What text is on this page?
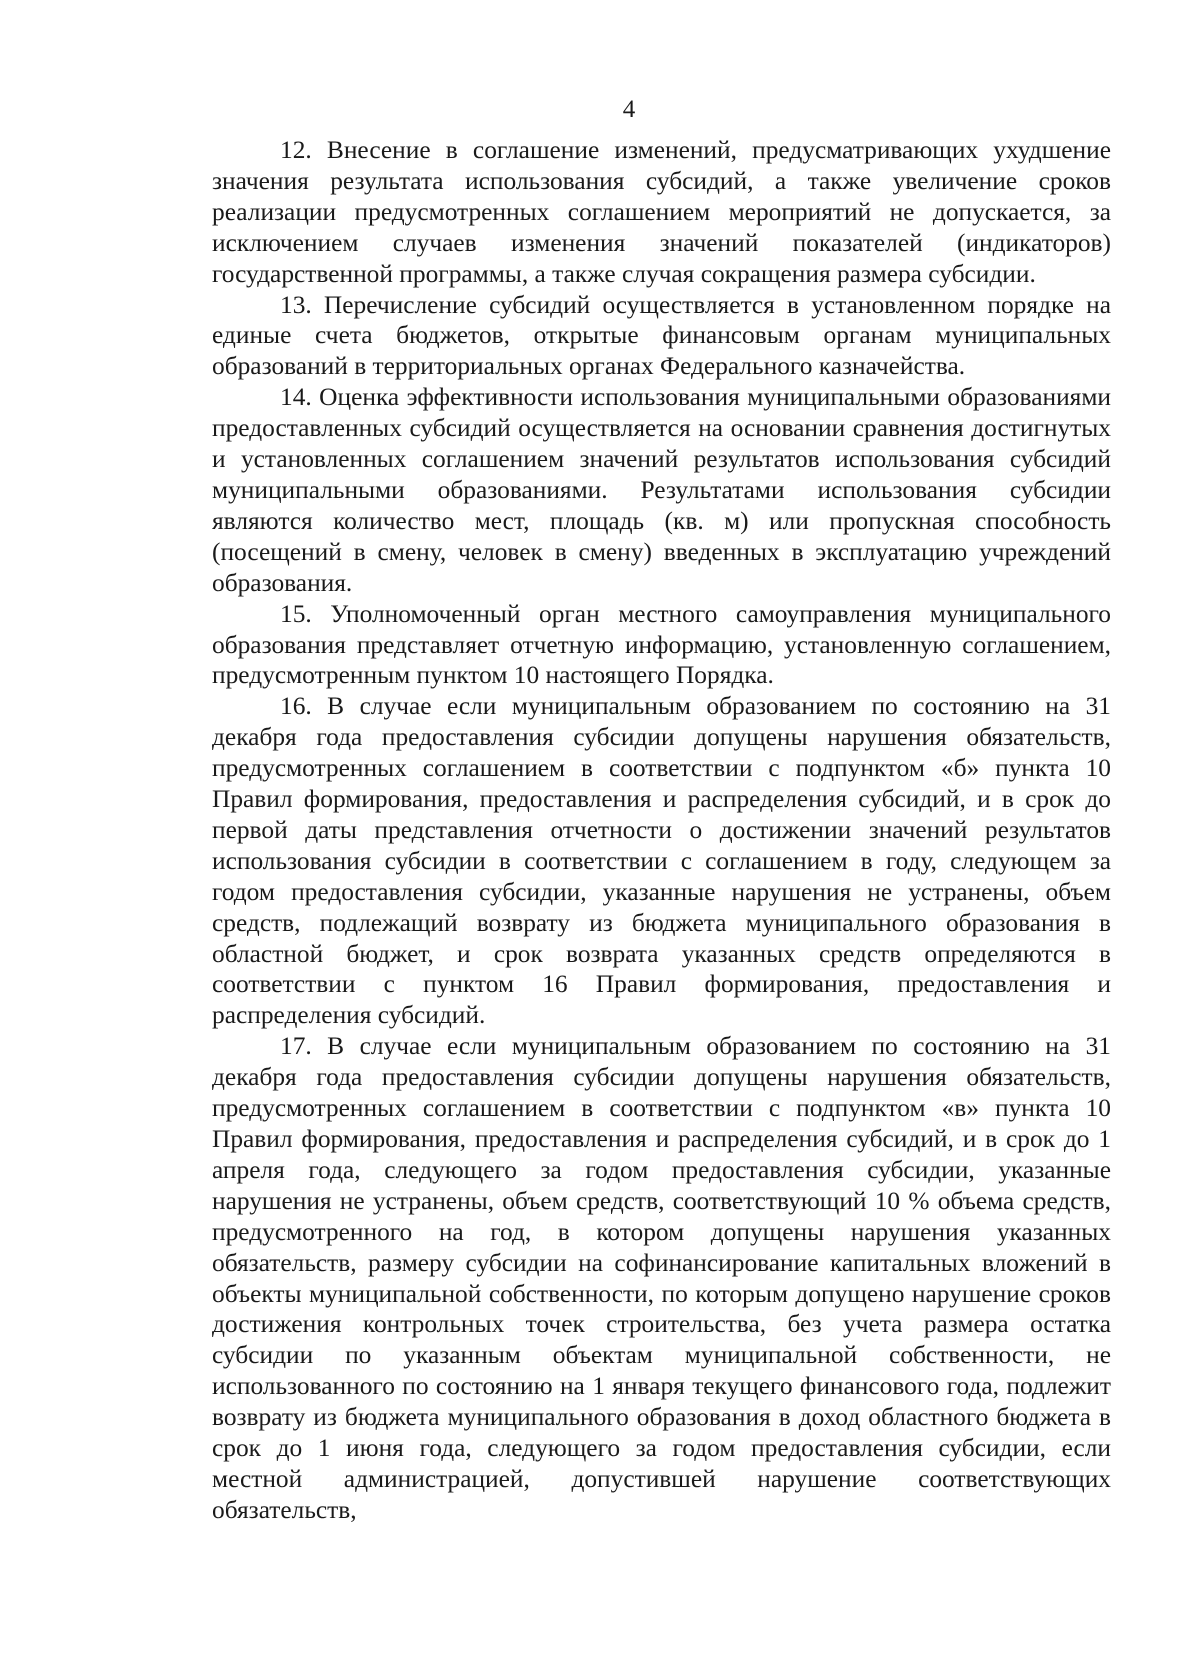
4

12. Внесение в соглашение изменений, предусматривающих ухудшение значения результата использования субсидий, а также увеличение сроков реализации предусмотренных соглашением мероприятий не допускается, за исключением случаев изменения значений показателей (индикаторов) государственной программы, а также случая сокращения размера субсидии.

13. Перечисление субсидий осуществляется в установленном порядке на единые счета бюджетов, открытые финансовым органам муниципальных образований в территориальных органах Федерального казначейства.

14. Оценка эффективности использования муниципальными образованиями предоставленных субсидий осуществляется на основании сравнения достигнутых и установленных соглашением значений результатов использования субсидий муниципальными образованиями. Результатами использования субсидии являются количество мест, площадь (кв. м) или пропускная способность (посещений в смену, человек в смену) введенных в эксплуатацию учреждений образования.

15. Уполномоченный орган местного самоуправления муниципального образования представляет отчетную информацию, установленную соглашением, предусмотренным пунктом 10 настоящего Порядка.

16. В случае если муниципальным образованием по состоянию на 31 декабря года предоставления субсидии допущены нарушения обязательств, предусмотренных соглашением в соответствии с подпунктом «б» пункта 10 Правил формирования, предоставления и распределения субсидий, и в срок до первой даты представления отчетности о достижении значений результатов использования субсидии в соответствии с соглашением в году, следующем за годом предоставления субсидии, указанные нарушения не устранены, объем средств, подлежащий возврату из бюджета муниципального образования в областной бюджет, и срок возврата указанных средств определяются в соответствии с пунктом 16 Правил формирования, предоставления и распределения субсидий.

17. В случае если муниципальным образованием по состоянию на 31 декабря года предоставления субсидии допущены нарушения обязательств, предусмотренных соглашением в соответствии с подпунктом «в» пункта 10 Правил формирования, предоставления и распределения субсидий, и в срок до 1 апреля года, следующего за годом предоставления субсидии, указанные нарушения не устранены, объем средств, соответствующий 10 % объема средств, предусмотренного на год, в котором допущены нарушения указанных обязательств, размеру субсидии на софинансирование капитальных вложений в объекты муниципальной собственности, по которым допущено нарушение сроков достижения контрольных точек строительства, без учета размера остатка субсидии по указанным объектам муниципальной собственности, не использованного по состоянию на 1 января текущего финансового года, подлежит возврату из бюджета муниципального образования в доход областного бюджета в срок до 1 июня года, следующего за годом предоставления субсидии, если местной администрацией, допустившей нарушение соответствующих обязательств,
